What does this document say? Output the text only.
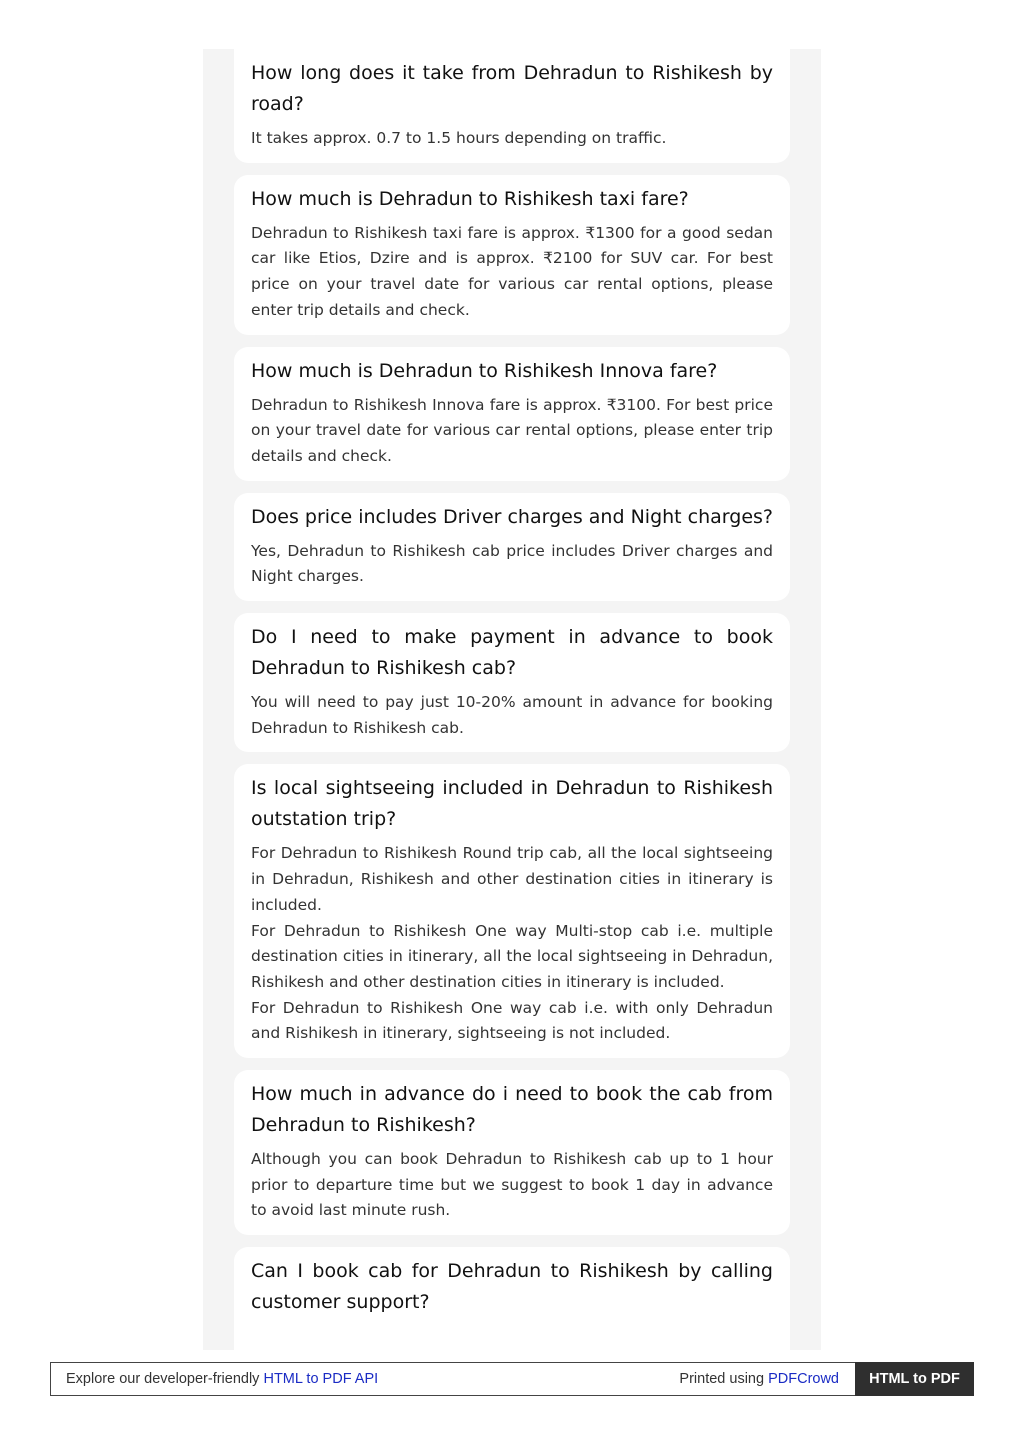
How long does it take from Dehradun to Rishikesh by road?

It takes approx. 0.7 to 1.5 hours depending on traffic.

How much is Dehradun to Rishikesh taxi fare?

Dehradun to Rishikesh taxi fare is approx. ₹1300 for a good sedan car like Etios, Dzire and is approx. ₹2100 for SUV car. For best price on your travel date for various car rental options, please enter trip details and check.

How much is Dehradun to Rishikesh Innova fare?

Dehradun to Rishikesh Innova fare is approx. ₹3100. For best price on your travel date for various car rental options, please enter trip details and check.

Does price includes Driver charges and Night charges?

Yes, Dehradun to Rishikesh cab price includes Driver charges and Night charges.

Do I need to make payment in advance to book Dehradun to Rishikesh cab?

You will need to pay just 10-20% amount in advance for booking Dehradun to Rishikesh cab.

Is local sightseeing included in Dehradun to Rishikesh outstation trip?

For Dehradun to Rishikesh Round trip cab, all the local sightseeing in Dehradun, Rishikesh and other destination cities in itinerary is included.
For Dehradun to Rishikesh One way Multi-stop cab i.e. multiple destination cities in itinerary, all the local sightseeing in Dehradun, Rishikesh and other destination cities in itinerary is included.
For Dehradun to Rishikesh One way cab i.e. with only Dehradun and Rishikesh in itinerary, sightseeing is not included.

How much in advance do i need to book the cab from Dehradun to Rishikesh?

Although you can book Dehradun to Rishikesh cab up to 1 hour prior to departure time but we suggest to book 1 day in advance to avoid last minute rush.

Can I book cab for Dehradun to Rishikesh by calling customer support?
Explore our developer-friendly HTML to PDF API	Printed using PDFCrowd	HTML to PDF
